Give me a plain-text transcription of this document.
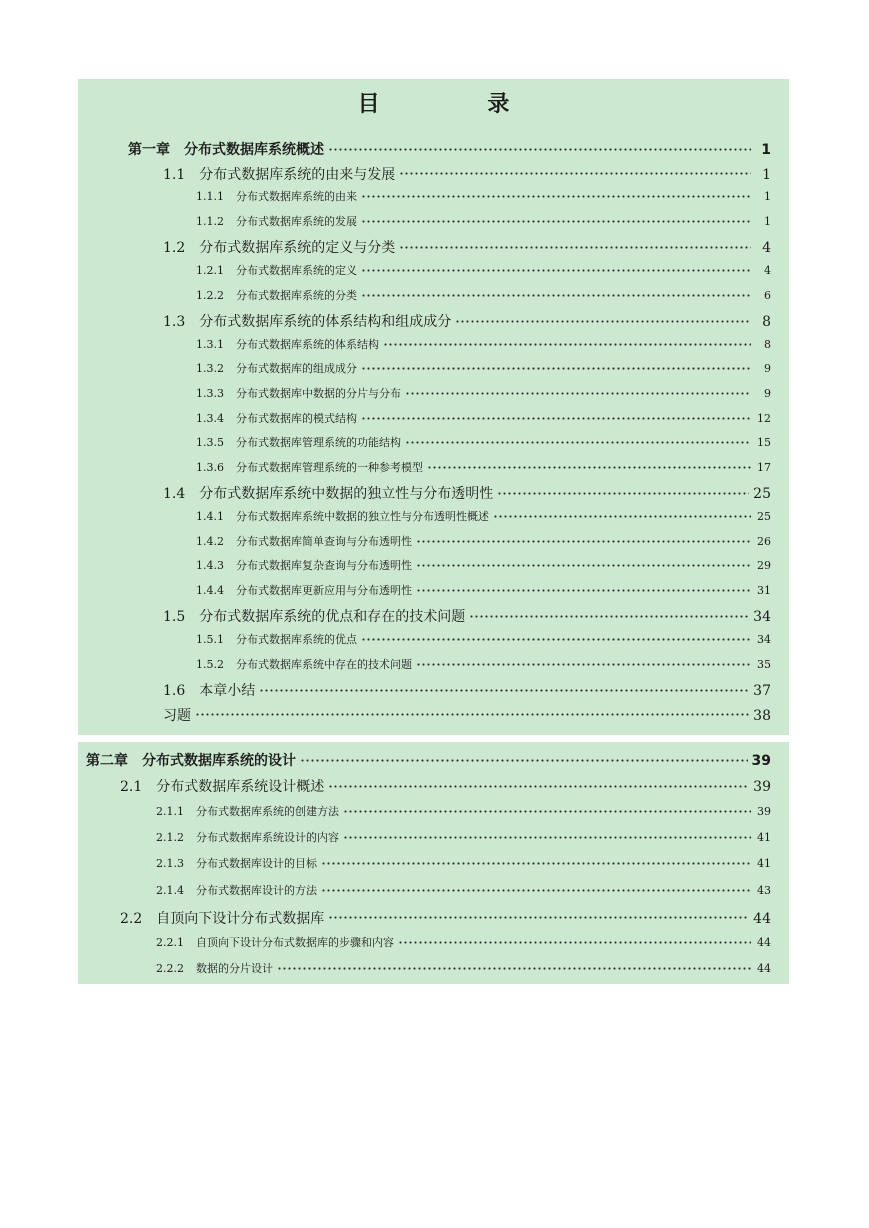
目 录
第一章 分布式数据库系统概述	1
1.1 分布式数据库系统的由来与发展	1
1.1.1 分布式数据库系统的由来	1
1.1.2 分布式数据库系统的发展	1
1.2 分布式数据库系统的定义与分类	4
1.2.1 分布式数据库系统的定义	4
1.2.2 分布式数据库系统的分类	6
1.3 分布式数据库系统的体系结构和组成成分	8
1.3.1 分布式数据库系统的体系结构	8
1.3.2 分布式数据库的组成成分	9
1.3.3 分布式数据库中数据的分片与分布	9
1.3.4 分布式数据库的模式结构	12
1.3.5 分布式数据库管理系统的功能结构	15
1.3.6 分布式数据库管理系统的一种参考模型	17
1.4 分布式数据库系统中数据的独立性与分布透明性	25
1.4.1 分布式数据库系统中数据的独立性与分布透明性概述	25
1.4.2 分布式数据库简单查询与分布透明性	26
1.4.3 分布式数据库复杂查询与分布透明性	29
1.4.4 分布式数据库更新应用与分布透明性	31
1.5 分布式数据库系统的优点和存在的技术问题	34
1.5.1 分布式数据库系统的优点	34
1.5.2 分布式数据库系统中存在的技术问题	35
1.6 本章小结	37
习题	38
第二章 分布式数据库系统的设计	39
2.1 分布式数据库系统设计概述	39
2.1.1 分布式数据库系统的创建方法	39
2.1.2 分布式数据库系统设计的内容	41
2.1.3 分布式数据库设计的目标	41
2.1.4 分布式数据库设计的方法	43
2.2 自顶向下设计分布式数据库	44
2.2.1 自顶向下设计分布式数据库的步骤和内容	44
2.2.2 数据的分片设计	44
